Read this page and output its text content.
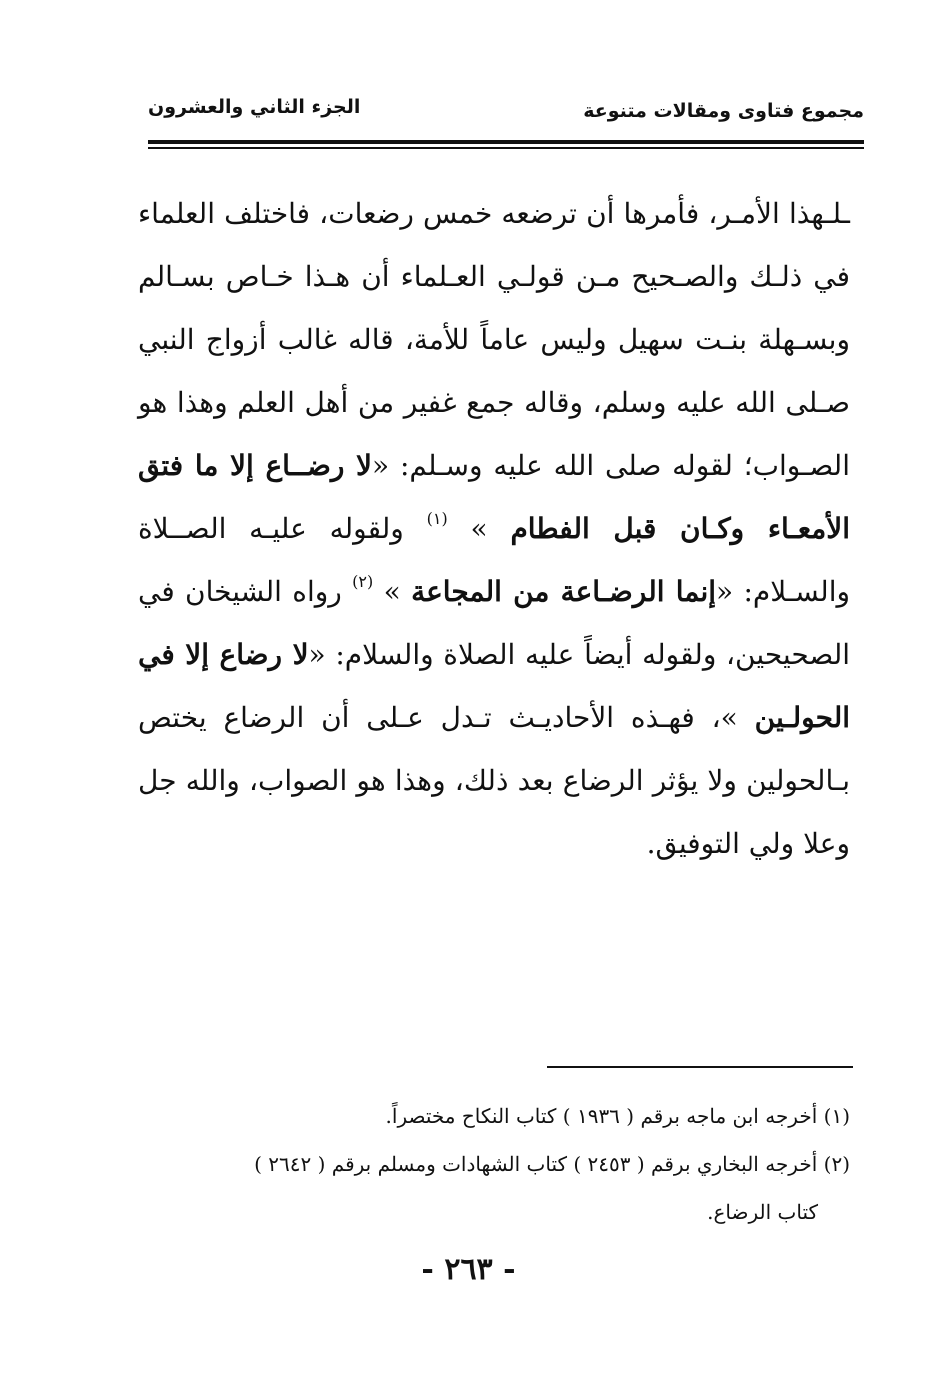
مجموع فتاوى ومقالات متنوعة
الجزء الثاني والعشرون
ـلـهذا الأمـر، فأمرها أن ترضعه خمس رضعات، فاختلف العلماء في ذلـك والصـحيح مـن قولـي العـلماء أن هـذا خـاص بسـالم وبسـهلة بنـت سهيل وليس عاماً للأمة، قاله غالب أزواج النبي صـلى الله عليه وسلم، وقاله جمع غفير من أهل العلم وهذا هو الصـواب؛ لقوله صلى الله عليه وسـلم: «لا رضــاع إلا ما فتق الأمعـاء وكـان قبل الفطام » $^{(١)}$ ولقوله عليـه الصــلاة والسـلام: «إنما الرضـاعة من المجاعة » $^{(٢)}$ رواه الشيخان في الصحيحين، ولقوله أيضاً عليه الصلاة والسلام: «لا رضاع إلا في الحولـين »، فهـذه الأحاديـث تـدل عـلى أن الرضاع يختص بـالحولين ولا يؤثر الرضاع بعد ذلك، وهذا هو الصواب، والله جل وعلا ولي التوفيق.

(١) أخرجه ابن ماجه برقم ( ١٩٣٦ ) كتاب النكاح مختصراً.

(٢) أخرجه البخاري برقم ( ٢٤٥٣ ) كتاب الشهادات ومسلم برقم ( ٢٦٤٢ )

كتاب الرضاع.

- ٢٦٣ -
